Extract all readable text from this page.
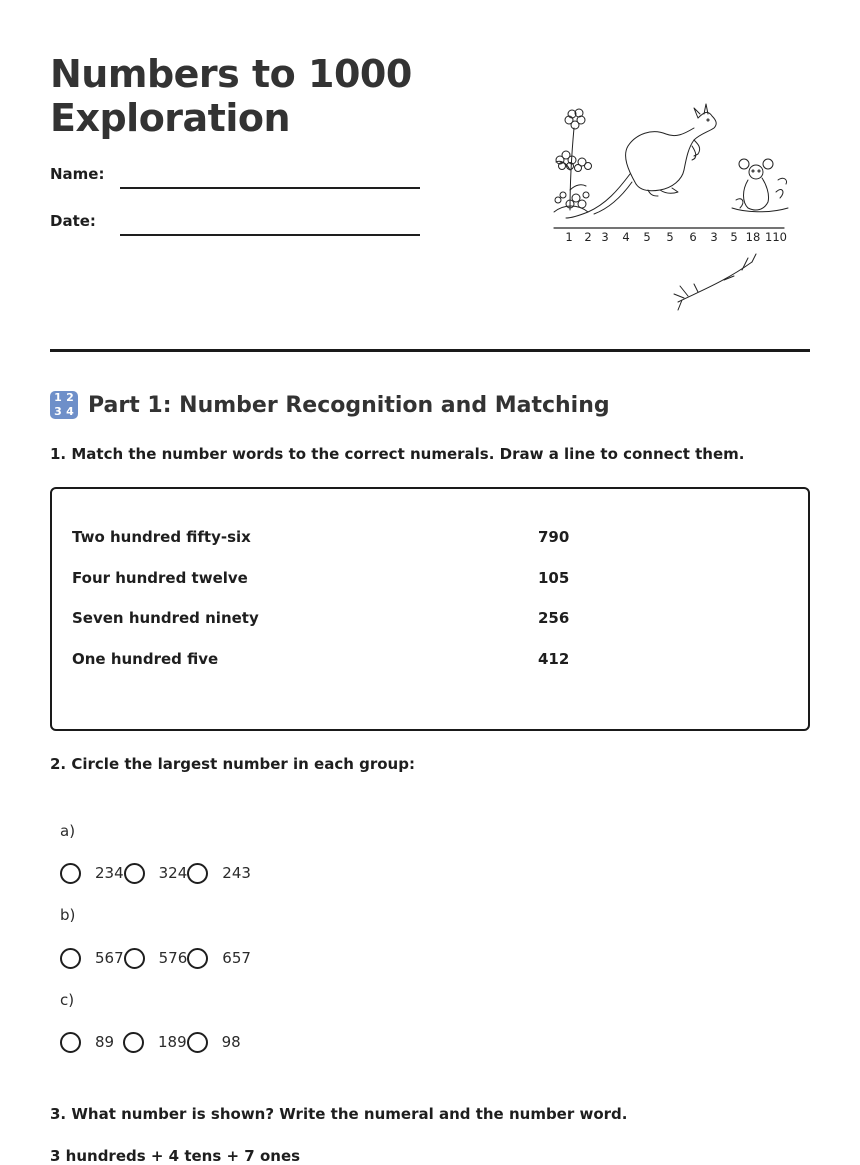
Numbers to 1000
Exploration
Name:
Date:
1 2 3 4 5 5 6 3 5 18 110
1 2
3 4 Part 1: Number Recognition and Matching
1. Match the number words to the correct numerals. Draw a line to connect them.
Two hundred fifty-six	790
Four hundred twelve	105
Seven hundred ninety	256
One hundred five	412
2. Circle the largest number in each group:
a)
234 324 243
b)
567 576 657
c)
89	189 98
3. What number is shown? Write the numeral and the number word.
3 hundreds + 4 tens + 7 ones
